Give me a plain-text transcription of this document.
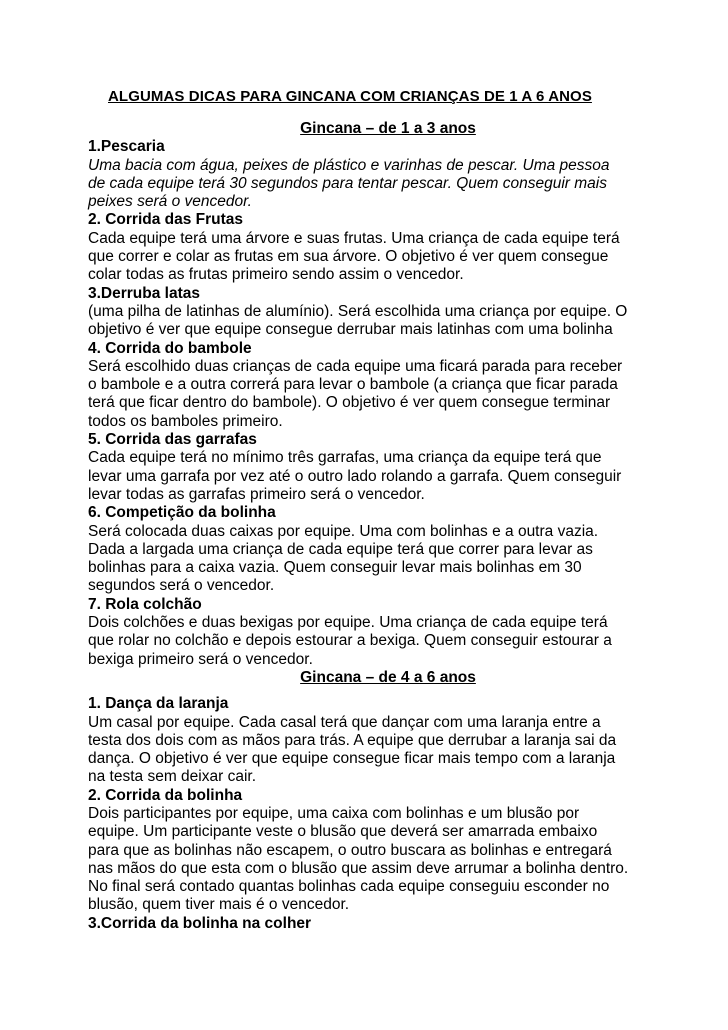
ALGUMAS DICAS PARA GINCANA COM CRIANÇAS DE 1 A 6 ANOS
Gincana – de 1 a 3 anos
1.Pescaria
Uma bacia com água, peixes de plástico e varinhas de pescar. Uma pessoa
de cada equipe terá 30 segundos para tentar pescar. Quem conseguir mais
peixes será o vencedor.
2. Corrida das Frutas
Cada equipe terá uma árvore e suas frutas. Uma criança de cada equipe terá
que correr e colar as frutas em sua árvore. O objetivo é ver quem consegue
colar todas as frutas primeiro sendo assim o vencedor.
3.Derruba latas
(uma pilha de latinhas de alumínio). Será escolhida uma criança por equipe. O
objetivo é ver que equipe consegue derrubar mais latinhas com uma bolinha
4. Corrida do bambole
Será escolhido duas crianças de cada equipe uma ficará parada para receber
o bambole e a outra correrá para levar o bambole (a criança que ficar parada
terá que ficar dentro do bambole). O objetivo é ver quem consegue terminar
todos os bamboles primeiro.
5. Corrida das garrafas
Cada equipe terá no mínimo três garrafas, uma criança da equipe terá que
levar uma garrafa por vez até o outro lado rolando a garrafa. Quem conseguir
levar todas as garrafas primeiro será o vencedor.
6. Competição da bolinha
Será colocada duas caixas por equipe. Uma com bolinhas e a outra vazia.
Dada a largada uma criança de cada equipe terá que correr para levar as
bolinhas para a caixa vazia. Quem conseguir levar mais bolinhas em 30
segundos será o vencedor.
7. Rola colchão
Dois colchões e duas bexigas por equipe. Uma criança de cada equipe terá
que rolar no colchão e depois estourar a bexiga. Quem conseguir estourar a
bexiga primeiro será o vencedor.
Gincana – de 4 a 6 anos
1. Dança da laranja
Um casal por equipe. Cada casal terá que dançar com uma laranja entre a
testa dos dois com as mãos para trás. A equipe que derrubar a laranja sai da
dança. O objetivo é ver que equipe consegue ficar mais tempo com a laranja
na testa sem deixar cair.
2. Corrida da bolinha
Dois participantes por equipe, uma caixa com bolinhas e um blusão por
equipe. Um participante veste o blusão que deverá ser amarrada embaixo
para que as bolinhas não escapem, o outro buscara as bolinhas e entregará
nas mãos do que esta com o blusão que assim deve arrumar a bolinha dentro.
No final será contado quantas bolinhas cada equipe conseguiu esconder no
blusão, quem tiver mais é o vencedor.
3.Corrida da bolinha na colher
